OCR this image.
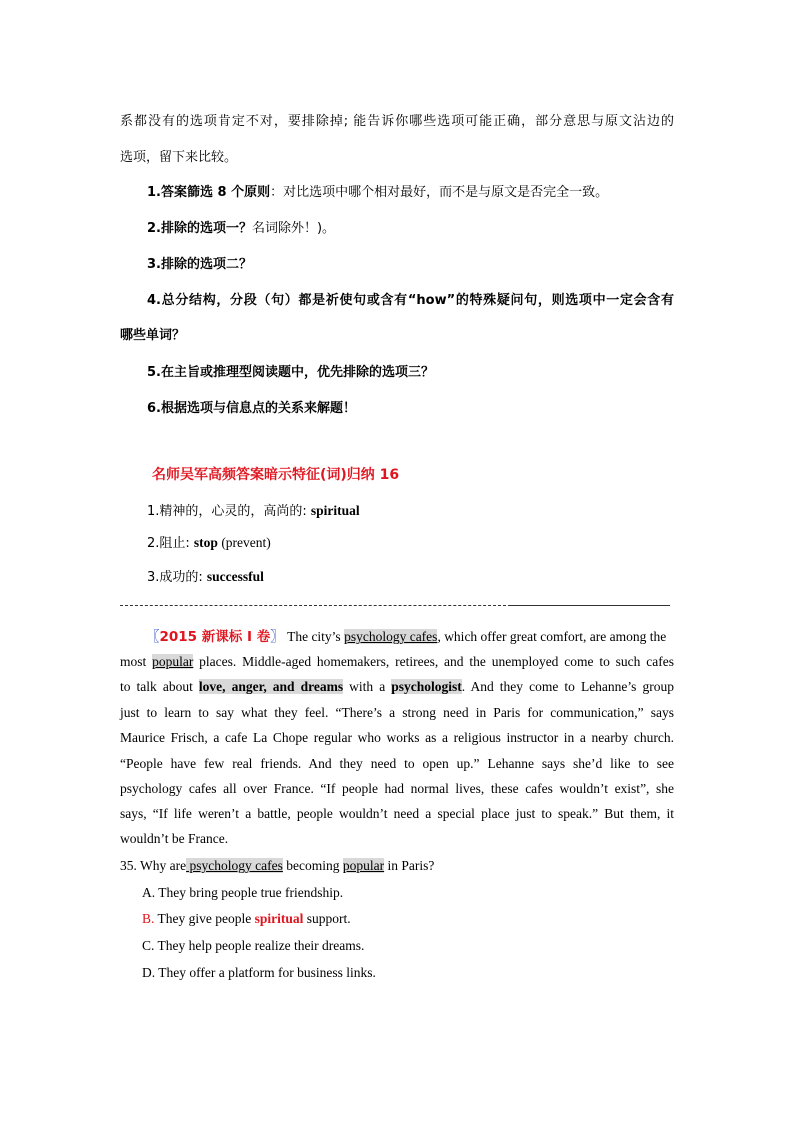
系都没有的选项肯定不对，要排除掉; 能告诉你哪些选项可能正确，部分意思与原文沾边的
选项，留下来比较。
1.答案篩选 8 个原则：对比选项中哪个相对最好，而不是与原文是否完全一致。
2.排除的选项一？名词除外！)。
3.排除的选项二？
4.总分结构，分段（句）都是祈使句或含有“how”的特殊疑问句，则选项中一定会含有
哪些单词？
5.在主旨或推理型阅读题中，优先排除的选项三？
6.根据选项与信息点的关系来解题！
名师吴军高频答案暗示特征(词)归纳 16
1.精神的，心灵的，高尚的: spiritual
2.阻止: stop (prevent)
3.成功的: successful
〖2015 新课标 I 卷〗 The city’s psychology cafes, which offer great comfort, are among the
most popular places. Middle-aged homemakers, retirees, and the unemployed come to such cafes
to talk about love, anger, and dreams with a psychologist. And they come to Lehanne’s group
just to learn to say what they feel. “There’s a strong need in Paris for communication,” says
Maurice Frisch, a cafe La Chope regular who works as a religious instructor in a nearby church.
“People have few real friends. And they need to open up.” Lehanne says she’d like to see
psychology cafes all over France. “If people had normal lives, these cafes wouldn’t exist”, she
says, “If life weren’t a battle, people wouldn’t need a special place just to speak.” But them, it
wouldn’t be France.
35. Why are psychology cafes becoming popular in Paris?
A. They bring people true friendship.
B. They give people spiritual support.
C. They help people realize their dreams.
D. They offer a platform for business links.
